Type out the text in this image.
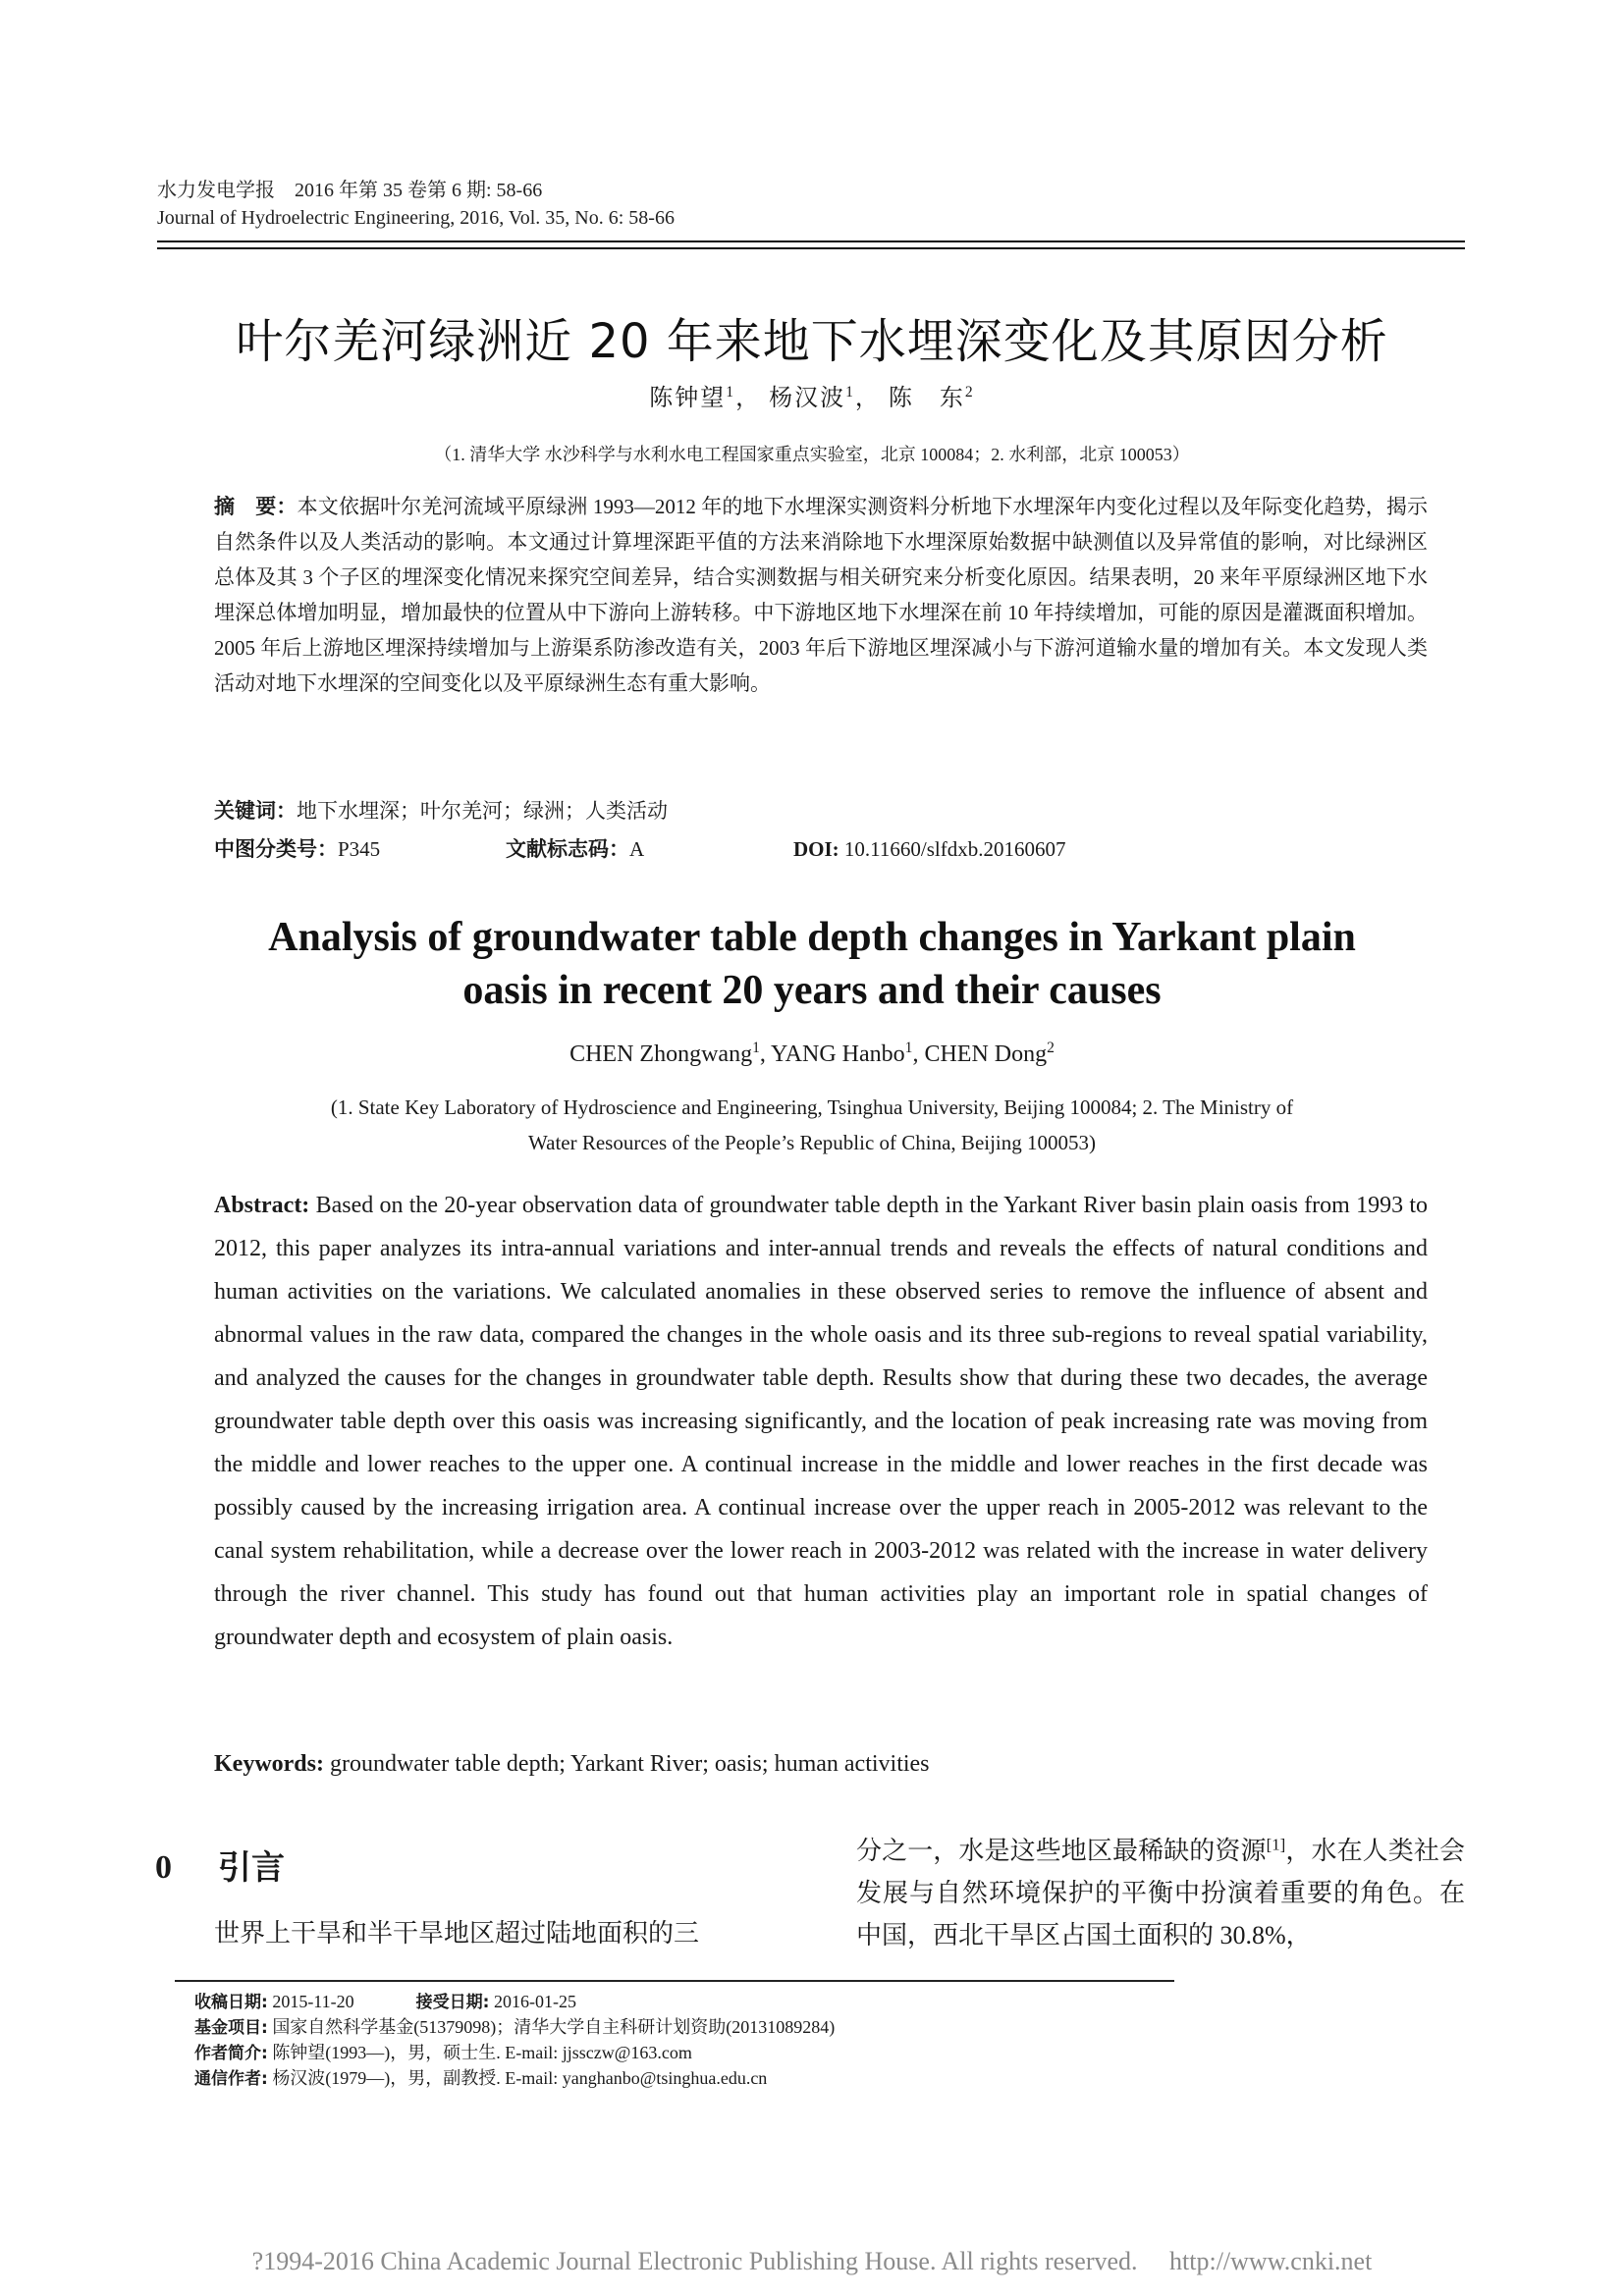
水力发电学报　2016 年第 35 卷第 6 期: 58-66
Journal of Hydroelectric Engineering, 2016, Vol. 35, No. 6: 58-66
叶尔羌河绿洲近 20 年来地下水埋深变化及其原因分析
陈钟望$^1$， 杨汉波$^1$， 陈　东$^2$
（1. 清华大学 水沙科学与水利水电工程国家重点实验室，北京 100084；2. 水利部，北京 100053）
摘　要：本文依据叶尔羌河流域平原绿洲 1993—2012 年的地下水埋深实测资料分析地下水埋深年内变化过程以及年际变化趋势，揭示自然条件以及人类活动的影响。本文通过计算埋深距平值的方法来消除地下水埋深原始数据中缺测值以及异常值的影响，对比绿洲区总体及其 3 个子区的埋深变化情况来探究空间差异，结合实测数据与相关研究来分析变化原因。结果表明，20 来年平原绿洲区地下水埋深总体增加明显，增加最快的位置从中下游向上游转移。中下游地区地下水埋深在前 10 年持续增加，可能的原因是灌溉面积增加。2005 年后上游地区埋深持续增加与上游渠系防渗改造有关，2003 年后下游地区埋深减小与下游河道输水量的增加有关。本文发现人类活动对地下水埋深的空间变化以及平原绿洲生态有重大影响。
关键词：地下水埋深；叶尔羌河；绿洲；人类活动
中图分类号：P345	文献标志码：A	DOI: 10.11660/slfdxb.20160607
Analysis of groundwater table depth changes in Yarkant plain
oasis in recent 20 years and their causes
CHEN Zhongwang$^1$, YANG Hanbo$^1$, CHEN Dong$^2$
(1. State Key Laboratory of Hydroscience and Engineering, Tsinghua University, Beijing 100084; 2. The Ministry of
Water Resources of the People’s Republic of China, Beijing 100053)
Abstract: Based on the 20-year observation data of groundwater table depth in the Yarkant River basin plain oasis from 1993 to 2012, this paper analyzes its intra-annual variations and inter-annual trends and reveals the effects of natural conditions and human activities on the variations. We calculated anomalies in these observed series to remove the influence of absent and abnormal values in the raw data, compared the changes in the whole oasis and its three sub-regions to reveal spatial variability, and analyzed the causes for the changes in groundwater table depth. Results show that during these two decades, the average groundwater table depth over this oasis was increasing significantly, and the location of peak increasing rate was moving from the middle and lower reaches to the upper one. A continual increase in the middle and lower reaches in the first decade was possibly caused by the increasing irrigation area. A continual increase over the upper reach in 2005-2012 was relevant to the canal system rehabilitation, while a decrease over the lower reach in 2003-2012 was related with the increase in water delivery through the river channel. This study has found out that human activities play an important role in spatial changes of groundwater depth and ecosystem of plain oasis.
Keywords: groundwater table depth; Yarkant River; oasis; human activities
0 引言
世界上干旱和半干旱地区超过陆地面积的三
分之一，水是这些地区最稀缺的资源[1]，水在人类社会发展与自然环境保护的平衡中扮演着重要的角色。在中国，西北干旱区占国土面积的 30.8%，
收稿日期: 2015-11-20	接受日期: 2016-01-25
基金项目: 国家自然科学基金(51379098)；清华大学自主科研计划资助(20131089284)
作者简介: 陈钟望(1993—)，男，硕士生. E-mail: jjssczw@163.com
通信作者: 杨汉波(1979—)，男，副教授. E-mail: yanghanbo@tsinghua.edu.cn
?1994-2016 China Academic Journal Electronic Publishing House. All rights reserved.　 http://www.cnki.net
